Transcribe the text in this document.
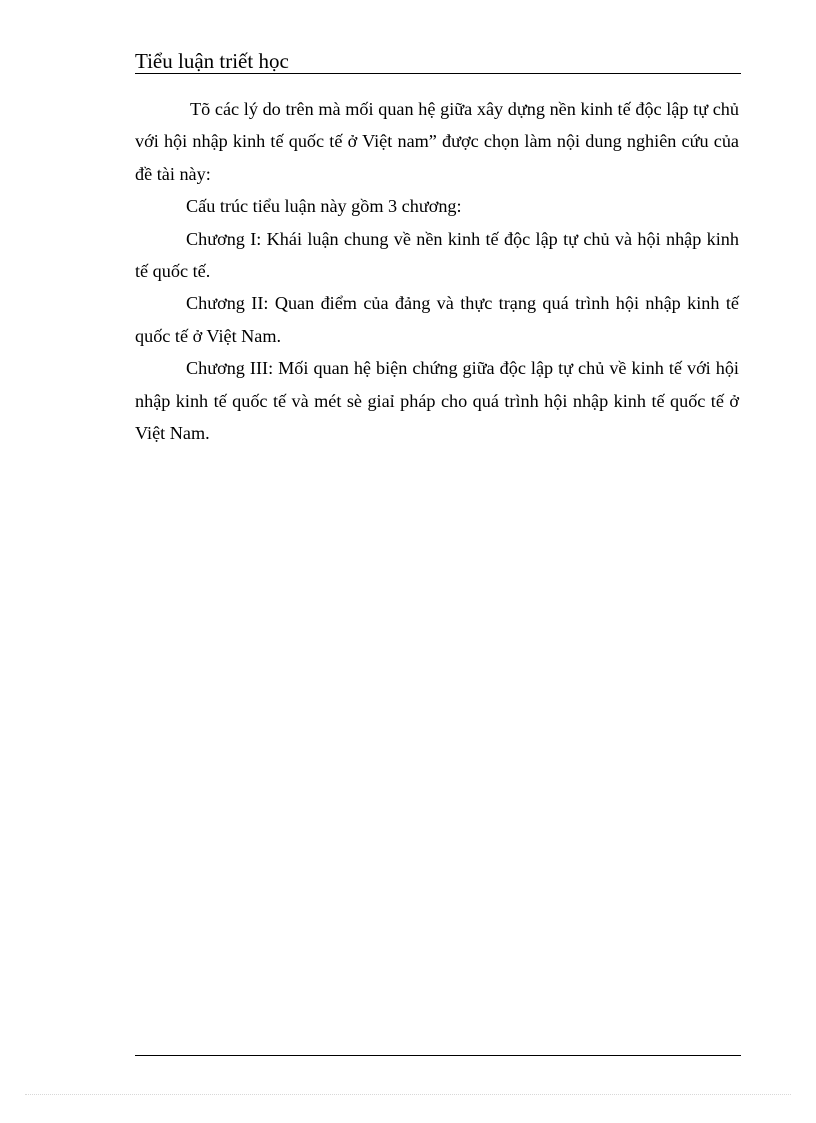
Tiểu luận triết học

Tõ các lý do trên mà mối quan hệ giữa xây dựng nền kinh tế độc lập tự chủ với hội nhập kinh tế quốc tế ở Việt nam” được chọn làm nội dung nghiên cứu của đề tài này:

Cấu trúc tiểu luận này gồm 3 chương:

Chương I: Khái luận chung về nền kinh tế độc lập tự chủ và hội nhập kinh tế quốc tế.

Chương II: Quan điểm của đảng và thực trạng quá trình hội nhập kinh tế quốc tế ở Việt Nam.

Chương III: Mối quan hệ biện chứng giữa độc lập tự chủ về kinh tế với hội nhập kinh tế quốc tế và mét sè giaỉ pháp cho quá trình hội nhập kinh tế quốc tế ở Việt Nam.
